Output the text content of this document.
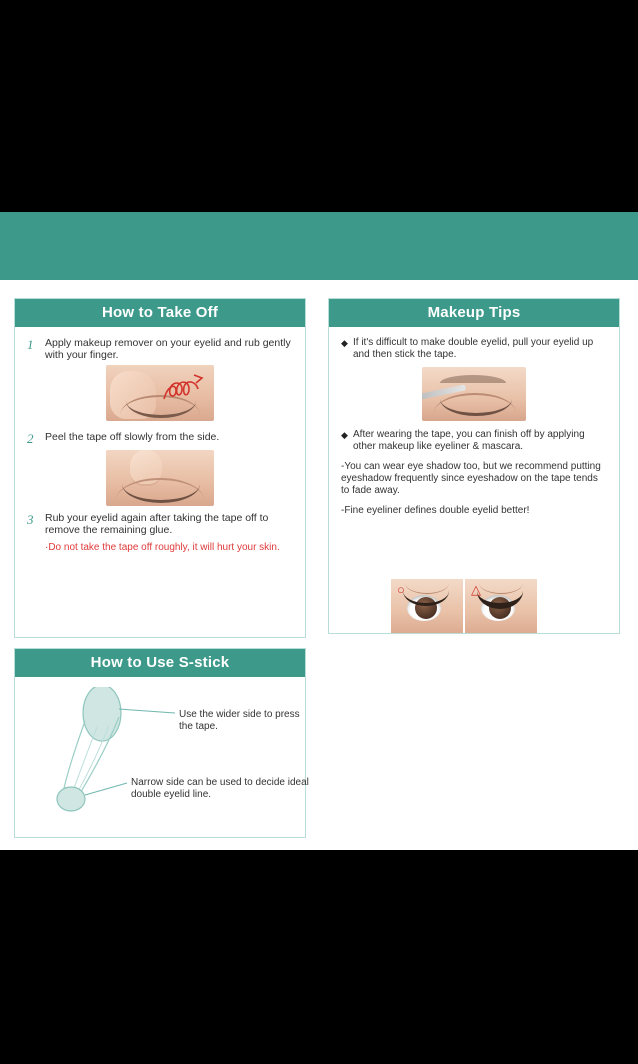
How to Take Off
1	Apply makeup remover on your eyelid and rub gently with your finger.
2	Peel the tape off slowly from the side.
3	Rub your eyelid again after taking the tape off to remove the remaining glue.
·Do not take the tape off roughly, it will hurt your skin.
How to Use S-stick
Use the wider side to press the tape.
Narrow side can be used to decide ideal double eyelid line.
Makeup Tips
◆ If it's difficult to make double eyelid, pull your eyelid up and then stick the tape.
◆ After wearing the tape, you can finish off by applying other makeup like eyeliner & mascara.
-You can wear eye shadow too, but we recommend putting eyeshadow frequently since eyeshadow on the tape tends to fade away.
-Fine eyeliner defines double eyelid better!
○	△
